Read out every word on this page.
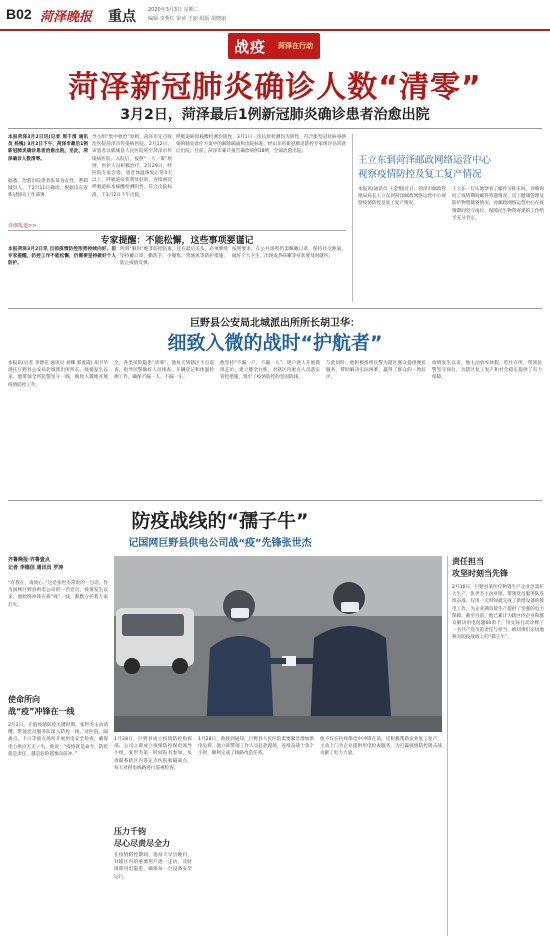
B02 菏泽晚报 重点 2020年3月3日 星期二
编辑 李秀红 审读 王丽 组版 胡晓丽
战疫 菏泽在行动
菏泽新冠肺炎确诊人数“清零”
3月2日，菏泽最后1例新冠肺炎确诊患者治愈出院
本报菏泽3月2日讯(记者 周千清 通讯员 杨槐) 3月2日下午，菏泽市最后1例新冠肺炎确诊患者治愈出院，至此，菏泽确诊人数清零。
据悉，治愈出院患者张某为女性，系郓城县人，于2月11日确诊，根据山东省新冠肺炎工作部署
导小组“集中收治”原则，菏泽市定点收治医院菏泽市传染病医院，2月12日，该患者以郓城县人民医院转至菏泽市传染病医院。入院后，按照“一人一策”原则，医护人员积极治疗。2月29日，经医院专家会诊，患者体温恢复正常3天以上，呼吸道症状明显好转，连续两次呼吸道标本核酸检测阴性，符合出院标准，于3月2日下午出院。
呼吸道病原核酸检测均阴性，3月1日一次抗原检测均为阴性，符合新型冠状病毒感染的肺炎诊疗方案中的解除隔离和出院标准，经山东省新冠肺炎防控专家组评估同意后出院。目前，菏泽市累计报告确诊病例18例，全部治愈出院。
详细报道>>
专家提醒：不能松懈，这些事项要谨记
本报菏泽3月2日讯 目前疫情防控形势持续向好，但专家提醒，防控工作不能松懈，仍需要坚持做好个人防护。
所谓“解封”绝非防控结束，还在最后关头，必须继续坚持戴口罩、勤洗手、少聚集、常通风等防护措施，防止疫情反弹。
按照要求，在公共场所仍需佩戴口罩，保持社交距离，做好个人卫生，出现发热咳嗽等症状要及时就医。
王立东到菏泽邮政网络运营中心
视察疫情防控及复工复产情况
本报讯(通讯员 王金翔)近日，菏泽市邮政管理局局长王立东到菏泽邮政网络运营中心视察疫情防控及复工复产情况。
王立东一行实地察看了邮件分拣车间，详细询问了疫情期间邮件寄递情况、员工健康管理及防护物资储备情况，对邮政网络运营中心在疫情期间坚守岗位、保障民生物资寄递的工作给予充分肯定。
巨野县公安局北城派出所所长胡卫华：
细致入微的战时“护航者”
本报讯(记者 李德信 通讯员 刘娜 郭爱霞) 胡卫华现任巨野县公安局北城派出所所长。疫情发生以来，他带领全所民警坚守一线，细致入微地开展疫情防控工作。
全，各类风险隐患“清零”。他每天到辖区卡点巡查，指导民警做好人员排查、车辆登记和体温检测工作，确保不漏一人、不漏一车。
他坚持“不漏一户、不漏一人”，逐户逐人开展摸排走访，建立健全台账，对辖区内重点人员落实管控措施，筑牢了疫情防控的坚固防线。
与此同时，他积极组织民警为辖区群众提供便民服务，帮助解决实际困难，赢得了群众的一致好评。
疫情发生以来，他主动放弃休假，吃住在所，带领民警坚守岗位，为辖区复工复产和社会稳定提供了有力保障。
防疫战线的“孺子牛”
记国网巨野县供电公司战“疫”先锋张世杰
齐鲁晚报·齐鲁壹点
记者 李德信 通讯员 罗涛
“有我在，请放心。”这是张世杰常说的一句话。作为国网巨野县供电公司的一名党员，疫情发生以来，他始终冲锋在战“疫”一线，默默守护着万家灯火。
使命所向
战“疫”冲锋在一线
2月2日，正值疫情防控关键时期，张世杰主动请缨，带领党员服务队深入防控一线，对医院、隔离点、卡口等重点场所开展用电安全检查，确保电力供应万无一失。他说：“疫情就是命令，防控就是责任，越是危险越要向前冲。”
1月28日，巨野县成立疫情防控指挥部，公司立即成立疫情防控保电领导小组，张世杰第一时间报名参加，负责联系辖区内各定点医院和隔离点，每天对供电线路进行巡视检查。
压力千钧
尽心尽责尽全力
在疫情防控期间，他每天早出晚归，对辖区内的重要用户逐一走访，及时排除用电隐患，确保每一台设备安全运行。
1月28日，他接到通知，巨野县人民医院需要紧急增加供电负荷，他立即带领工作人员赶赴现场，连续奋战十余个小时，顺利完成了线路改造任务。
他不仅在抗疫保电中冲锋在前，还积极帮助企业复工复产，主动上门为企业提供用电检查服务，为打赢疫情防控阻击战贡献了电力力量。
责任担当
攻坚时刻当先锋
2月16日，巨野县某医疗物资生产企业急需扩大生产，张世杰主动对接，带领党员服务队连续奋战，仅用一天时间就完成了新增设备的接电工作，为企业满负荷生产提供了坚强的电力保障。截至目前，他已累计为辖区内企业和群众解决用电问题60余个，用实际行动诠释了一名共产党员的责任与担当，被同事们亲切地称为防疫战线上的“孺子牛”。
